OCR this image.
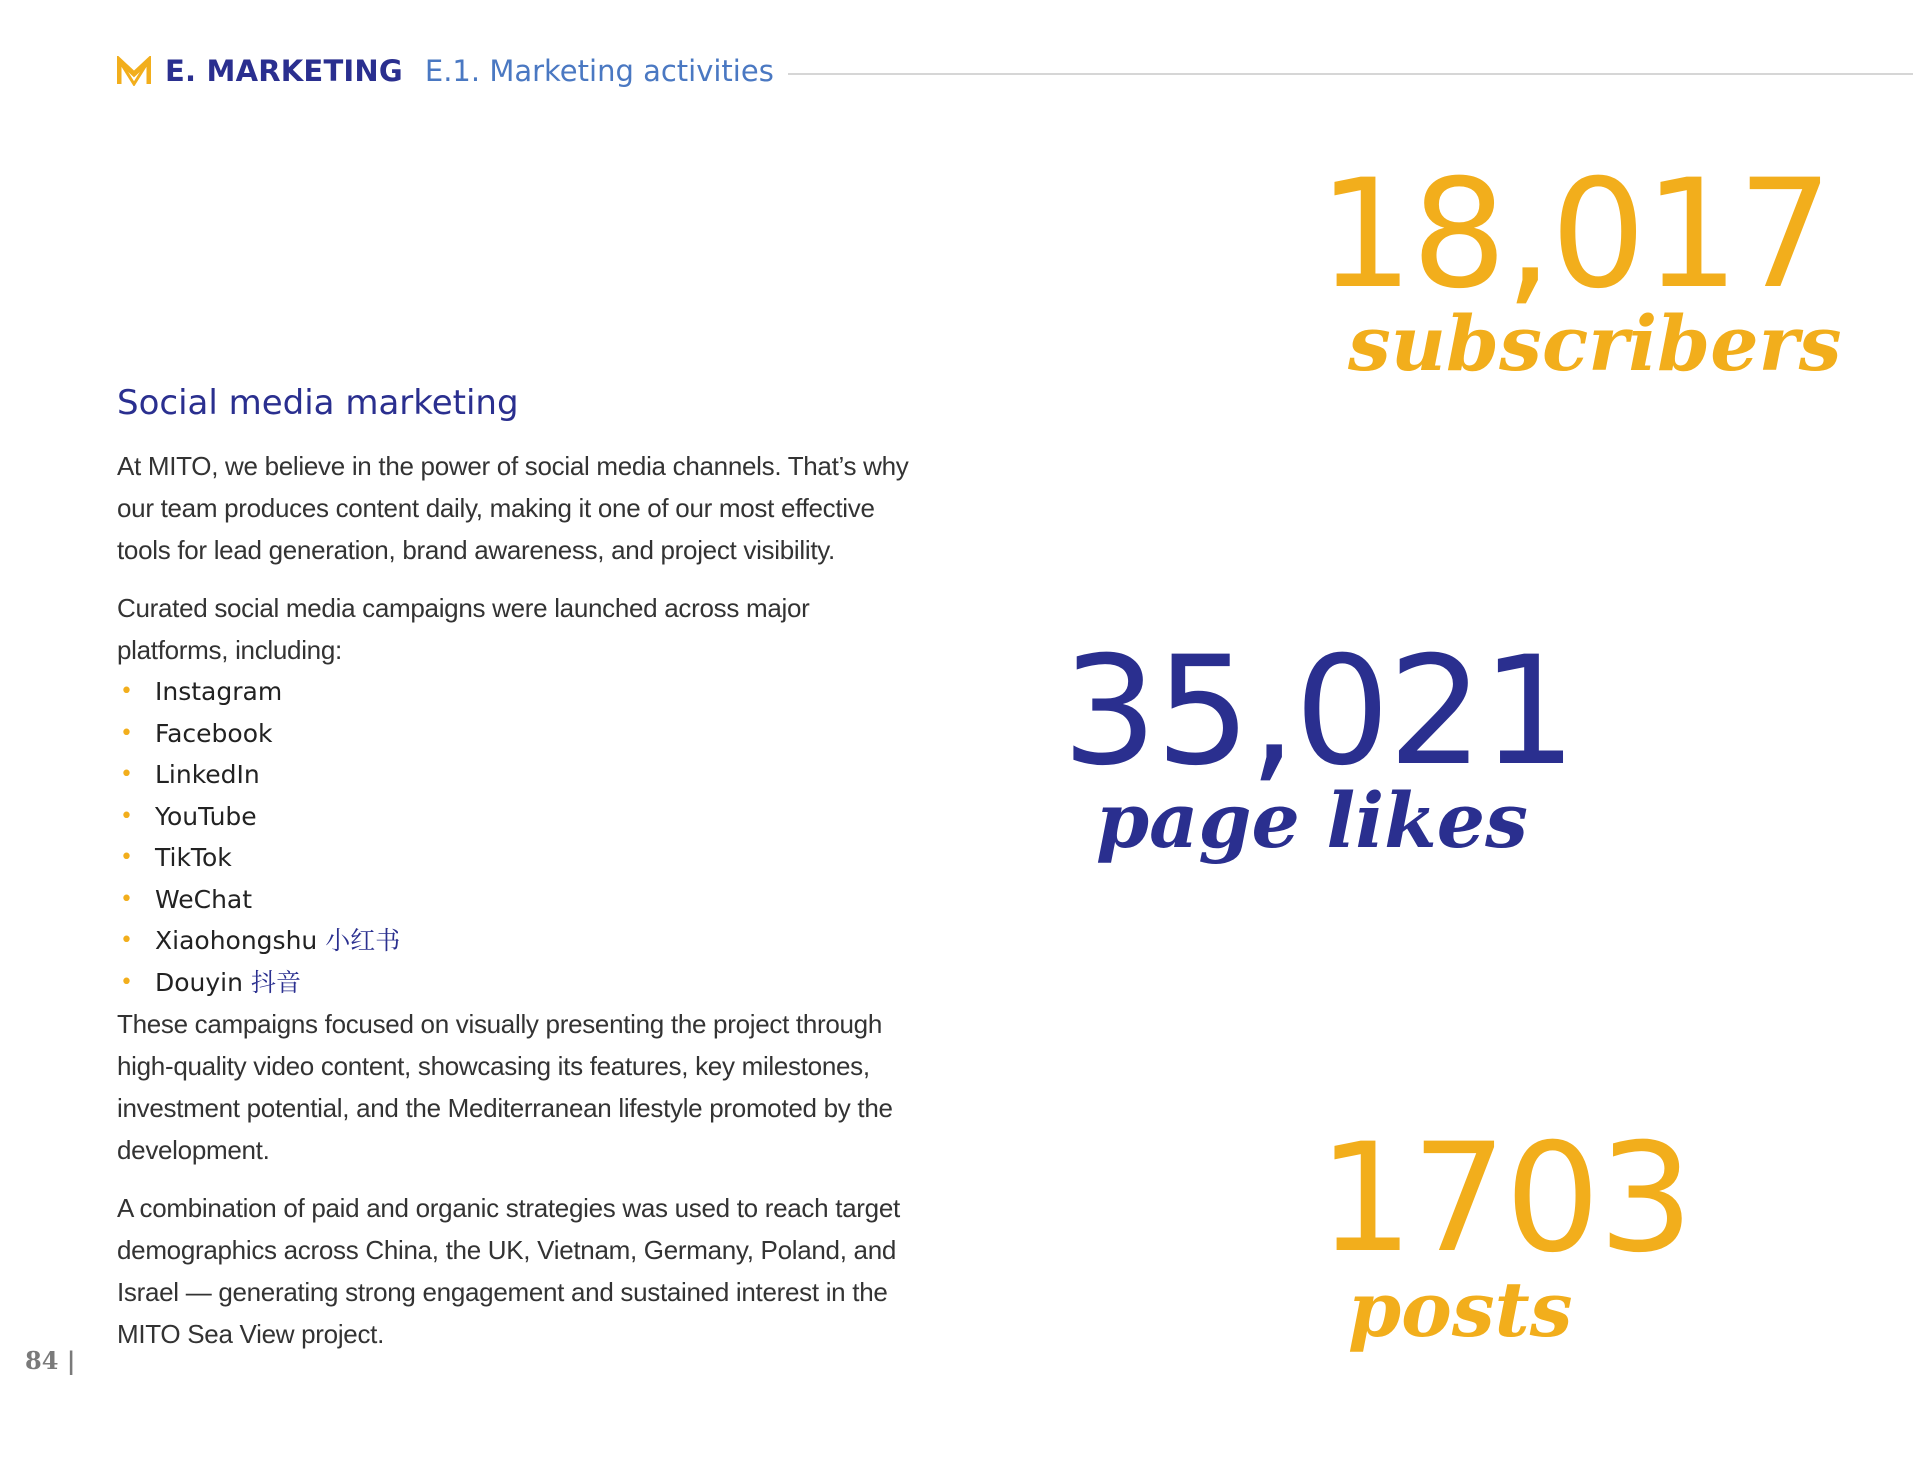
E. MARKETING E.1. Marketing activities
Social media marketing

At MITO, we believe in the power of social media channels. That’s why our team produces content daily, making it one of our most effective tools for lead generation, brand awareness, and project visibility.

Curated social media campaigns were launched across major platforms, including:

• Instagram
• Facebook
• LinkedIn
• YouTube
• TikTok
• WeChat
• Xiaohongshu 小红书
• Douyin 抖音

These campaigns focused on visually presenting the project through high-quality video content, showcasing its features, key milestones, investment potential, and the Mediterranean lifestyle promoted by the development.

A combination of paid and organic strategies was used to reach target demographics across China, the UK, Vietnam, Germany, Poland, and Israel — generating strong engagement and sustained interest in the MITO Sea View project.

18,017
subscribers
35,021
page likes
1703
posts
84 |
